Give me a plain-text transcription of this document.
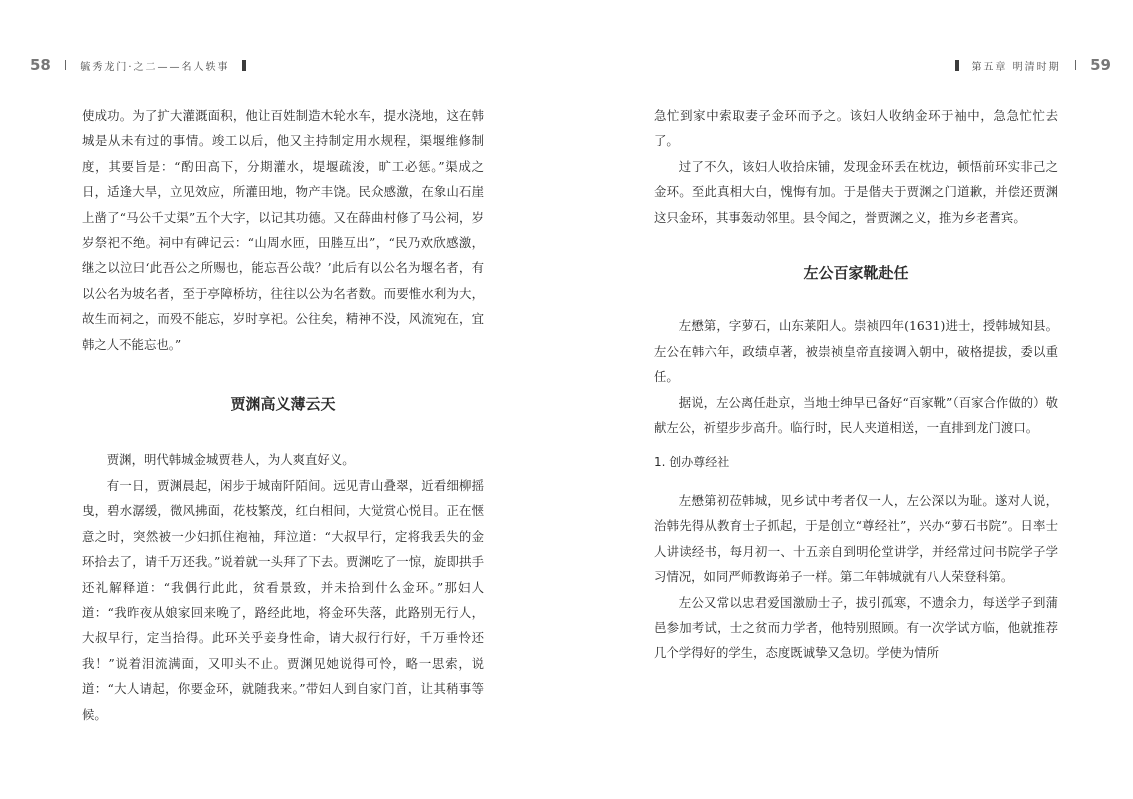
58	毓秀龙门·之二——名人轶事

使成功。为了扩大灌溉面积，他让百姓制造木轮水车，提水浇地，这在韩城是从未有过的事情。竣工以后，他又主持制定用水规程，渠堰维修制度，其要旨是：“酌田高下，分期灌水，堤堰疏浚，旷工必惩。”渠成之日，适逢大旱，立见效应，所灌田地，物产丰饶。民众感激，在象山石崖上凿了“马公千丈渠”五个大字，以记其功德。又在薛曲村修了马公祠，岁岁祭祀不绝。祠中有碑记云：“山周水匝，田塍互出”，“民乃欢欣感激，继之以泣曰‘此吾公之所赐也，能忘吾公哉？’此后有以公名为堰名者，有以公名为坡名者，至于亭障桥坊，往往以公为名者数。而要惟水利为大，故生而祠之，而殁不能忘，岁时享祀。公往矣，精神不没，风流宛在，宜韩之人不能忘也。”

贾渊高义薄云天

贾渊，明代韩城金城贾巷人，为人爽直好义。

有一日，贾渊晨起，闲步于城南阡陌间。远见青山叠翠，近看细柳摇曳，碧水潺缓，微风拂面，花枝繁茂，红白相间，大觉赏心悦目。正在惬意之时，突然被一少妇抓住袍袖，拜泣道：“大叔早行，定将我丢失的金环拾去了，请千万还我。”说着就一头拜了下去。贾渊吃了一惊，旋即拱手还礼解释道：“我偶行此此，贫看景致，并未拾到什么金环。”那妇人道：“我昨夜从娘家回来晚了，路经此地，将金环失落，此路别无行人，大叔早行，定当拾得。此环关乎妾身性命，请大叔行行好，千万垂怜还我！”说着泪流满面，又叩头不止。贾渊见她说得可怜，略一思索，说道：“大人请起，你要金环，就随我来。”带妇人到自家门首，让其稍事等候。

第五章 明清时期 59

急忙到家中索取妻子金环而予之。该妇人收纳金环于袖中，急急忙忙去了。

过了不久，该妇人收拾床铺，发现金环丢在枕边，顿悟前环实非己之金环。至此真相大白，愧悔有加。于是偕夫于贾渊之门道歉，并偿还贾渊这只金环，其事轰动邻里。县令闻之，誉贾渊之义，推为乡老耆宾。

左公百家靴赴任

左懋第，字萝石，山东莱阳人。崇祯四年(1631)进士，授韩城知县。左公在韩六年，政绩卓著，被崇祯皇帝直接调入朝中，破格提拔，委以重任。

据说，左公离任赴京，当地士绅早已备好“百家靴”（百家合作做的）敬献左公，祈望步步高升。临行时，民人夹道相送，一直排到龙门渡口。

1. 创办尊经社

左懋第初莅韩城，见乡试中考者仅一人，左公深以为耻。遂对人说，治韩先得从教育士子抓起，于是创立“尊经社”，兴办“萝石书院”。日率士人讲读经书，每月初一、十五亲自到明伦堂讲学，并经常过问书院学子学习情况，如同严师教诲弟子一样。第二年韩城就有八人荣登科第。

左公又常以忠君爱国激励士子，拔引孤寒，不遗余力，每送学子到蒲邑参加考试，士之贫而力学者，他特别照顾。有一次学试方临，他就推荐几个学得好的学生，态度既诚挚又急切。学使为情所
